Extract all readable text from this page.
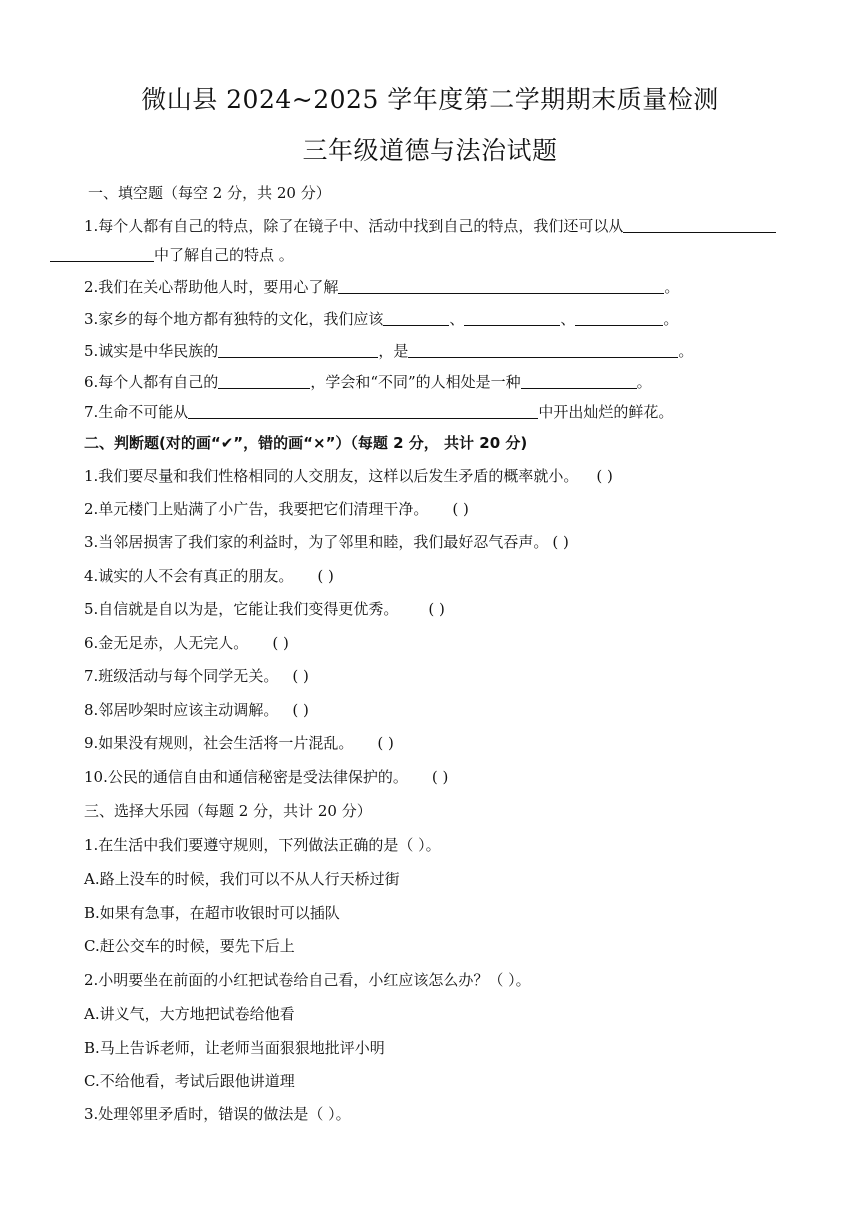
微山县 2024~2025 学年度第二学期期末质量检测
三年级道德与法治试题
一、填空题（每空 2 分，共 20 分）
1.每个人都有自己的特点，除了在镜子中、活动中找到自己的特点，我们还可以从
中了解自己的特点 。
2.我们在关心帮助他人时，要用心了解	。
3.家乡的每个地方都有独特的文化，我们应该	、	、	。
5.诚实是中华民族的	，是	。
6.每个人都有自己的	，学会和“不同”的人相处是一种	。
7.生命不可能从	中开出灿烂的鲜花。
二、判断题(对的画“✔”，错的画“×”）（每题 2 分， 共计 20 分)
1.我们要尽量和我们性格相同的人交朋友，这样以后发生矛盾的概率就小。 ( )
2.单元楼门上贴满了小广告，我要把它们清理干净。 ( )
3.当邻居损害了我们家的利益时，为了邻里和睦，我们最好忍气吞声。 ( )
4.诚实的人不会有真正的朋友。 ( )
5.自信就是自以为是，它能让我们变得更优秀。 ( )
6.金无足赤，人无完人。 ( )
7.班级活动与每个同学无关。 ( )
8.邻居吵架时应该主动调解。 ( )
9.如果没有规则，社会生活将一片混乱。 ( )
10.公民的通信自由和通信秘密是受法律保护的。 ( )
三、选择大乐园（每题 2 分，共计 20 分）
1.在生活中我们要遵守规则，下列做法正确的是（ ）。
A.路上没车的时候，我们可以不从人行天桥过街
B.如果有急事，在超市收银时可以插队
C.赶公交车的时候，要先下后上
2.小明要坐在前面的小红把试卷给自己看，小红应该怎么办？（ ）。
A.讲义气，大方地把试卷给他看
B.马上告诉老师，让老师当面狠狠地批评小明
C.不给他看，考试后跟他讲道理
3.处理邻里矛盾时，错误的做法是（ ）。
